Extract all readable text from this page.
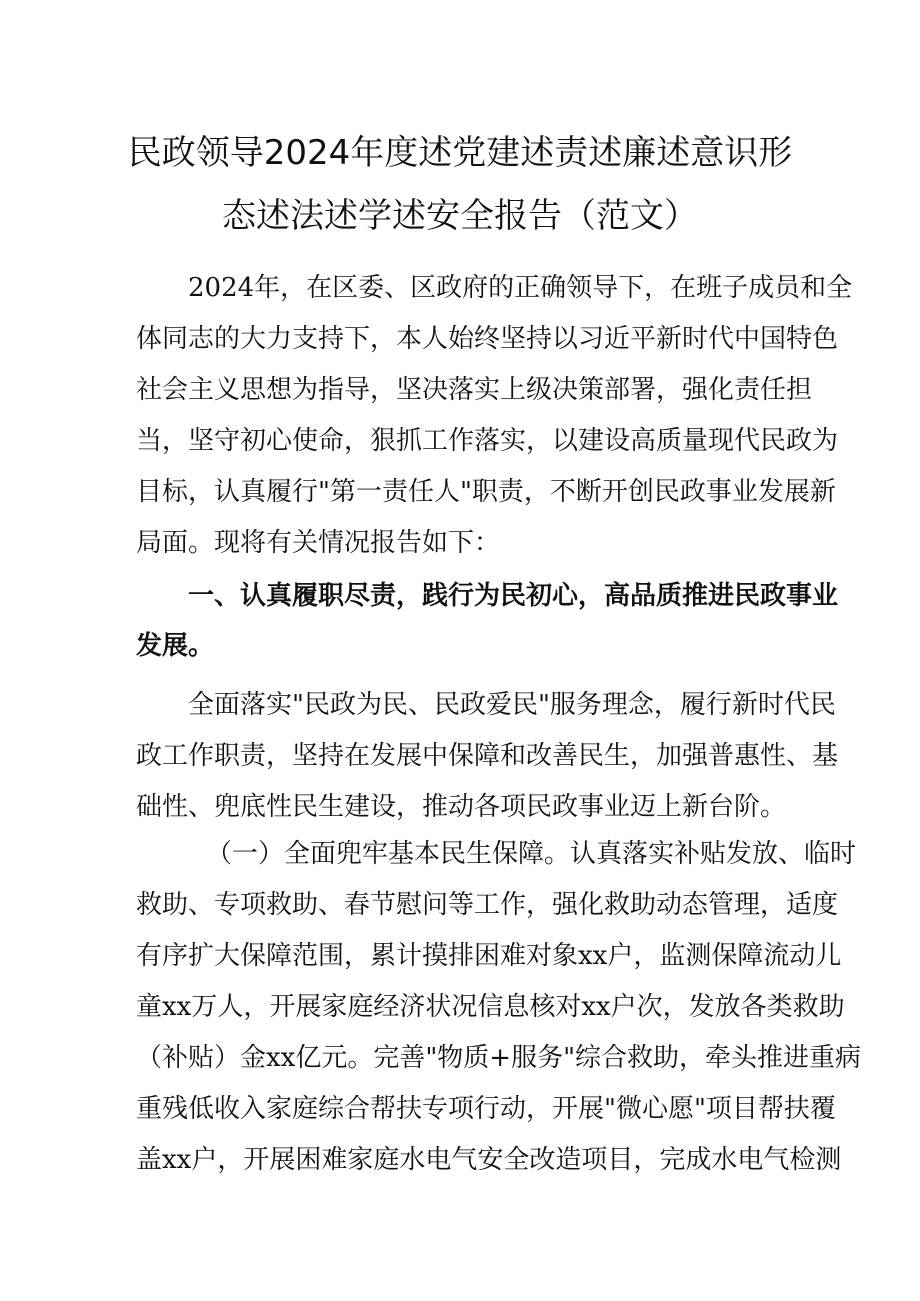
民政领导2024年度述党建述责述廉述意识形
态述法述学述安全报告（范文）
2024年，在区委、区政府的正确领导下，在班子成员和全
体同志的大力支持下，本人始终坚持以习近平新时代中国特色
社会主义思想为指导，坚决落实上级决策部署，强化责任担
当，坚守初心使命，狠抓工作落实，以建设高质量现代民政为
目标，认真履行"第一责任人"职责，不断开创民政事业发展新
局面。现将有关情况报告如下：
一、认真履职尽责，践行为民初心，高品质推进民政事业
发展。
全面落实"民政为民、民政爱民"服务理念，履行新时代民
政工作职责，坚持在发展中保障和改善民生，加强普惠性、基
础性、兜底性民生建设，推动各项民政事业迈上新台阶。
（一）全面兜牢基本民生保障。认真落实补贴发放、临时
救助、专项救助、春节慰问等工作，强化救助动态管理，适度
有序扩大保障范围，累计摸排困难对象xx户，监测保障流动儿
童xx万人，开展家庭经济状况信息核对xx户次，发放各类救助
（补贴）金xx亿元。完善"物质+服务"综合救助，牵头推进重病
重残低收入家庭综合帮扶专项行动，开展"微心愿"项目帮扶覆
盖xx户，开展困难家庭水电气安全改造项目，完成水电气检测
